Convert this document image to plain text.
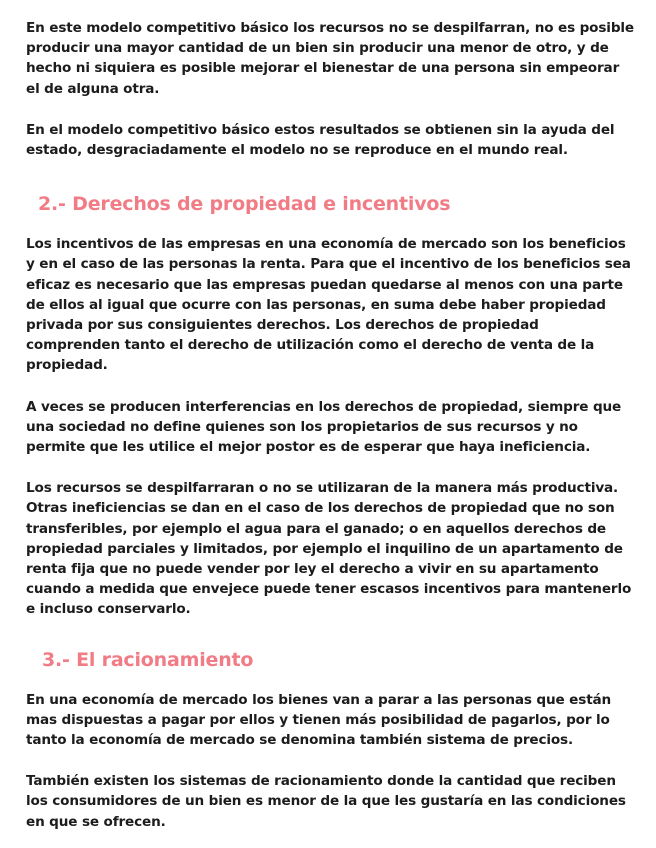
En este modelo competitivo básico los recursos no se despilfarran, no es posible producir una mayor cantidad de un bien sin producir una menor de otro, y de hecho ni siquiera es posible mejorar el bienestar de una persona sin empeorar el de alguna otra.

En el modelo competitivo básico estos resultados se obtienen sin la ayuda del estado, desgraciadamente el modelo no se reproduce en el mundo real.

2.- Derechos de propiedad e incentivos

Los incentivos de las empresas en una economía de mercado son los beneficios y en el caso de las personas la renta. Para que el incentivo de los beneficios sea eficaz es necesario que las empresas puedan quedarse al menos con una parte de ellos al igual que ocurre con las personas, en suma debe haber propiedad privada por sus consiguientes derechos. Los derechos de propiedad comprenden tanto el derecho de utilización como el derecho de venta de la propiedad.

A veces se producen interferencias en los derechos de propiedad, siempre que una sociedad no define quienes son los propietarios de sus recursos y no permite que les utilice el mejor postor es de esperar que haya ineficiencia.

Los recursos se despilfarraran o no se utilizaran de la manera más productiva. Otras ineficiencias se dan en el caso de los derechos de propiedad que no son transferibles, por ejemplo el agua para el ganado; o en aquellos derechos de propiedad parciales y limitados, por ejemplo el inquilino de un apartamento de renta fija que no puede vender por ley el derecho a vivir en su apartamento cuando a medida que envejece puede tener escasos incentivos para mantenerlo e incluso conservarlo.

3.- El racionamiento

En una economía de mercado los bienes van a parar a las personas que están mas dispuestas a pagar por ellos y tienen más posibilidad de pagarlos, por lo tanto la economía de mercado se denomina también sistema de precios.

También existen los sistemas de racionamiento donde la cantidad que reciben los consumidores de un bien es menor de la que les gustaría en las condiciones en que se ofrecen.
